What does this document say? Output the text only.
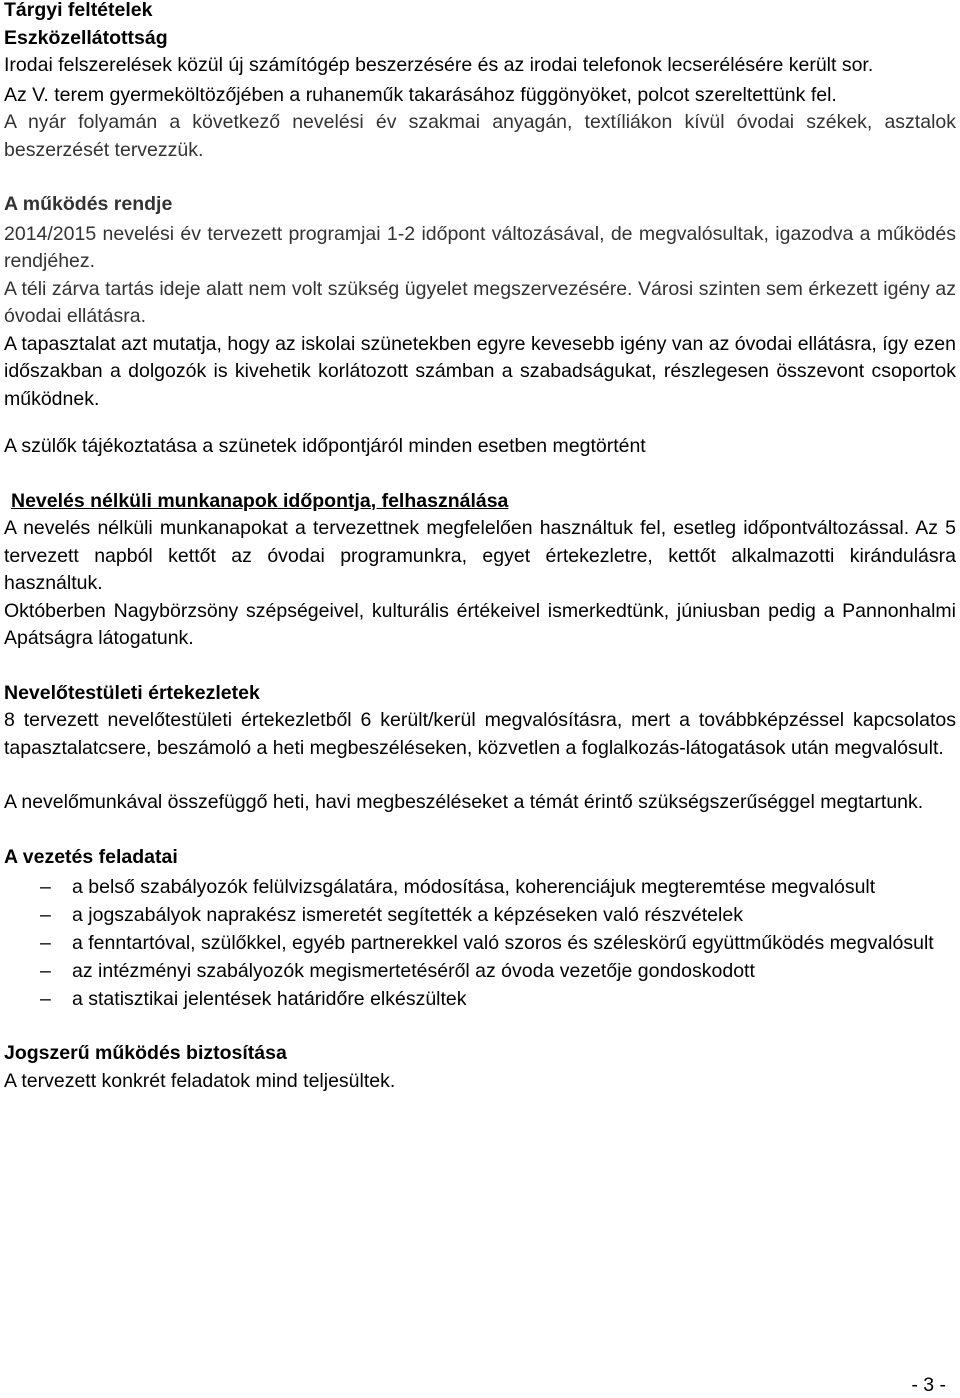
Tárgyi feltételek
Eszközellátottság

Irodai felszerelések közül új számítógép beszerzésére és az irodai telefonok lecserélésére került sor.

Az V. terem gyermeköltözőjében a ruhaneműk takarásához függönyöket, polcot szereltettünk fel.

A nyár folyamán a következő nevelési év szakmai anyagán, textíliákon kívül óvodai székek, asztalok beszerzését tervezzük.

A működés rendje

2014/2015 nevelési év tervezett programjai 1-2 időpont változásával, de megvalósultak, igazodva a működés rendjéhez.

A téli zárva tartás ideje alatt nem volt szükség ügyelet megszervezésére. Városi szinten sem érkezett igény az óvodai ellátásra.

A tapasztalat azt mutatja, hogy az iskolai szünetekben egyre kevesebb igény van az óvodai ellátásra, így ezen időszakban a dolgozók is kivehetik korlátozott számban a szabadságukat, részlegesen összevont csoportok működnek.

A szülők tájékoztatása a szünetek időpontjáról minden esetben megtörtént

Nevelés nélküli munkanapok időpontja, felhasználása

A nevelés nélküli munkanapokat a tervezettnek megfelelően használtuk fel, esetleg időpontváltozással. Az 5 tervezett napból kettőt az óvodai programunkra, egyet értekezletre, kettőt alkalmazotti kirándulásra használtuk.

Októberben Nagybörzsöny szépségeivel, kulturális értékeivel ismerkedtünk, júniusban pedig a Pannonhalmi Apátságra látogatunk.

Nevelőtestületi értekezletek

8 tervezett nevelőtestületi értekezletből 6 került/kerül megvalósításra, mert a továbbképzéssel kapcsolatos tapasztalatcsere, beszámoló a heti megbeszéléseken, közvetlen a foglalkozás-látogatások után megvalósult.

A nevelőmunkával összefüggő heti, havi megbeszéléseket a témát érintő szükségszerűséggel megtartunk.

A vezetés feladatai
– a belső szabályozók felülvizsgálatára, módosítása, koherenciájuk megteremtése megvalósult
– a jogszabályok naprakész ismeretét segítették a képzéseken való részvételek
– a fenntartóval, szülőkkel, egyéb partnerekkel való szoros és széleskörű együttműködés megvalósult
– az intézményi szabályozók megismertetéséről az óvoda vezetője gondoskodott
– a statisztikai jelentések határidőre elkészültek
Jogszerű működés biztosítása

A tervezett konkrét feladatok mind teljesültek.

- 3 -
